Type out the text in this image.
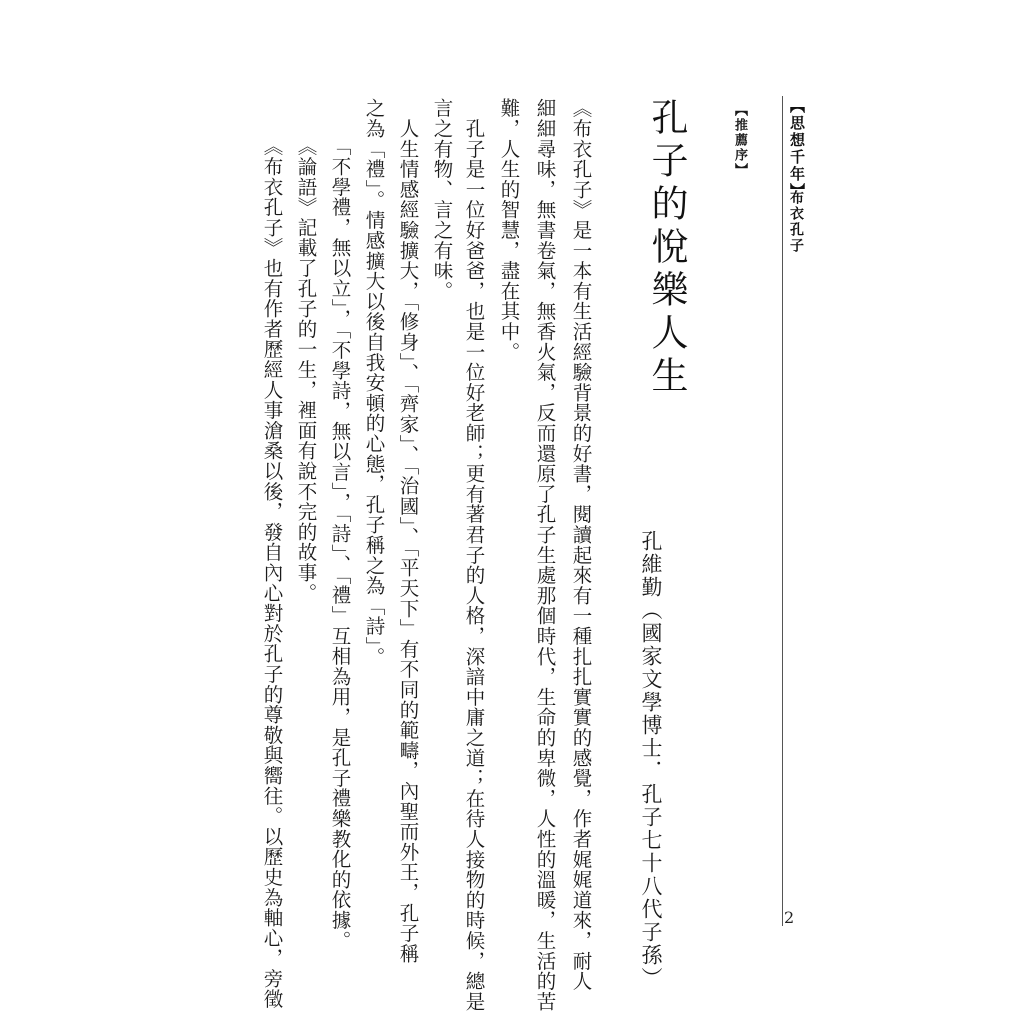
【思想千年】
布衣孔子
2
【推薦序】
孔子的悅樂人生
孔維勤（國家文學博士．孔子七十八代子孫）
《布衣孔子》是一本有生活經驗背景的好書，閱讀起來有一種扎扎實實的感覺，作者娓娓道來，耐人
細細尋味，無書卷氣，無香火氣，反而還原了孔子生處那個時代，生命的卑微，人性的溫暖，生活的苦
難，人生的智慧，盡在其中。
　孔子是一位好爸爸，也是一位好老師；更有著君子的人格，深諳中庸之道；在待人接物的時候，總是
言之有物、言之有味。
　人生情感經驗擴大，「修身」、「齊家」、「治國」、「平天下」有不同的範疇，內聖而外王，孔子稱
之為「禮」。情感擴大以後自我安頓的心態，孔子稱之為「詩」。
「不學禮，無以立」，「不學詩，無以言」，「詩」、「禮」互相為用，是孔子禮樂教化的依據。
《論語》記載了孔子的一生，裡面有說不完的故事。
《布衣孔子》也有作者歷經人事滄桑以後，發自內心對於孔子的尊敬與嚮往。以歷史為軸心，旁徵
